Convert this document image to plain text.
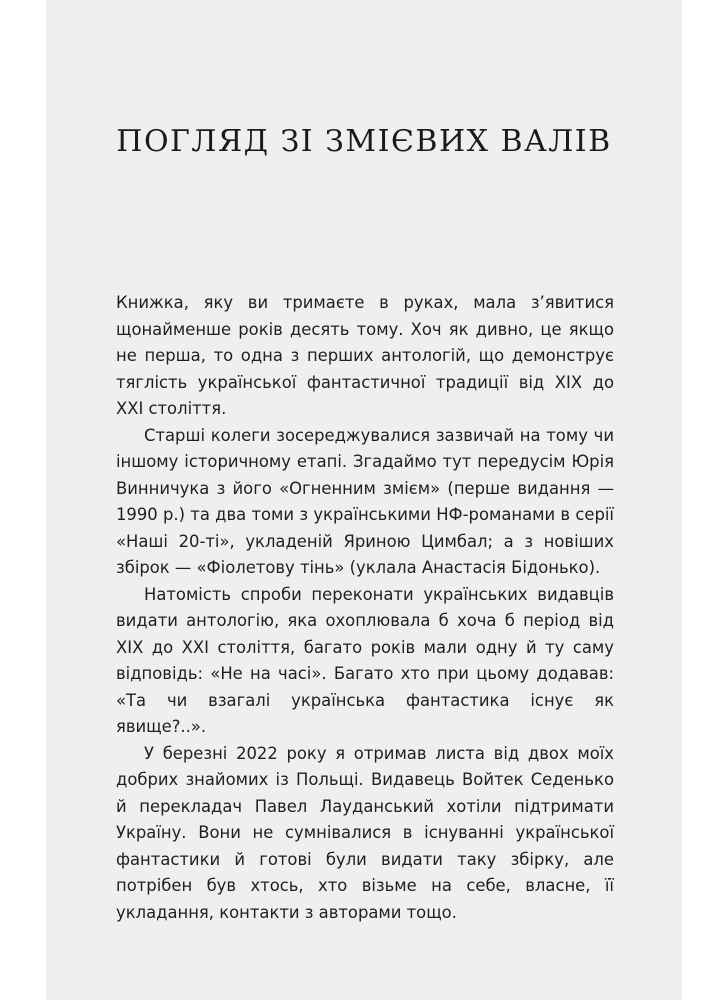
ПОГЛЯД ЗІ ЗМІЄВИХ ВАЛІВ

Книжка, яку ви тримаєте в руках, мала з’явитися щонайменше років десять тому. Хоч як дивно, це якщо не перша, то одна з перших антологій, що демонструє тяглість української фантастичної традиції від XIX до XXI століття.

Старші колеги зосереджувалися зазвичай на тому чи іншому історичному етапі. Згадаймо тут передусім Юрія Винничука з його «Огненним змієм» (перше видання — 1990 р.) та два томи з українськими НФ-романами в серії «Наші 20-ті», укладеній Яриною Цимбал; а з новіших збірок — «Фіолетову тінь» (уклала Анастасія Бідонько).

Натомість спроби переконати українських видавців видати антологію, яка охоплювала б хоча б період від XIX до XXI століття, багато років мали одну й ту саму відповідь: «Не на часі». Багато хто при цьому додавав: «Та чи взагалі українська фантастика існує як явище?..».

У березні 2022 року я отримав листа від двох моїх добрих знайомих із Польщі. Видавець Войтек Седенько й перекладач Павел Лауданський хотіли підтримати Україну. Вони не сумнівалися в існуванні української фантастики й готові були видати таку збірку, але потрібен був хтось, хто візьме на себе, власне, її укладання, контакти з авторами тощо.
